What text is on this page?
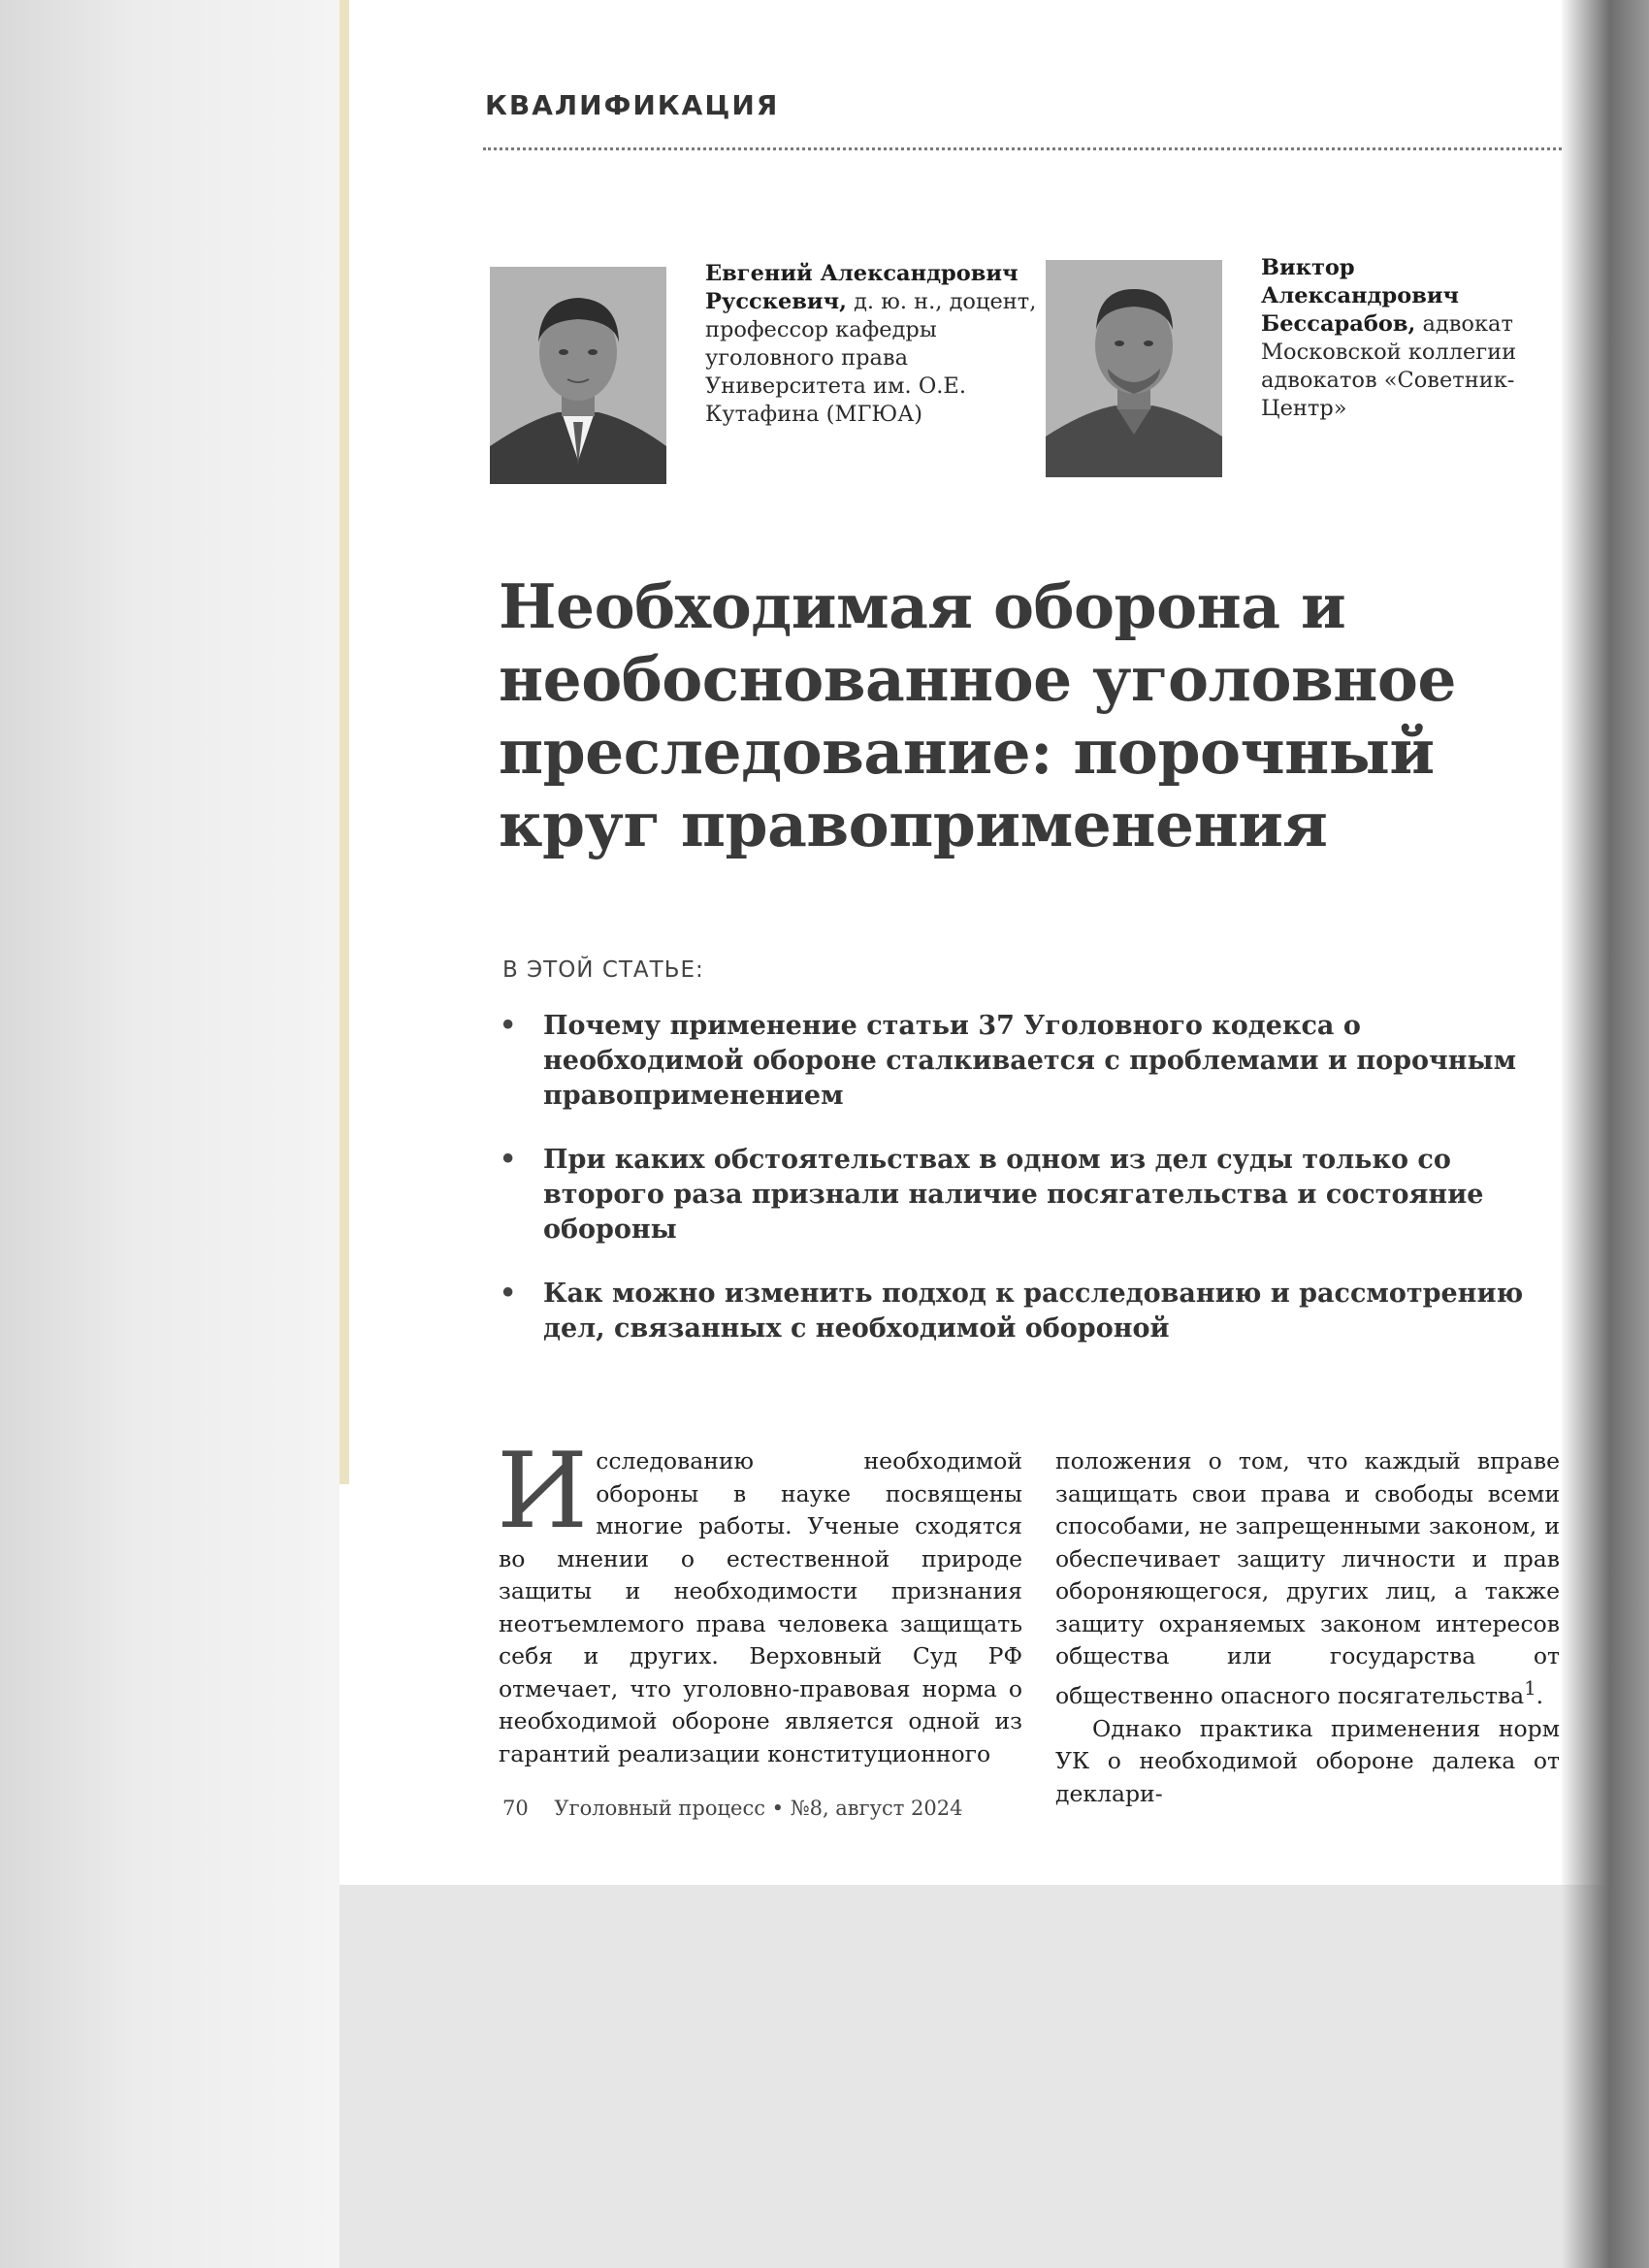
КВАЛИФИКАЦИЯ
Евгений Александрович Русскевич, д. ю. н., доцент, профессор кафедры уголовного права Университета им. О.Е. Кутафина (МГЮА)
Виктор Александрович Бессарабов, адвокат Московской коллегии адвокатов «Советник-Центр»
Необходимая оборона и необоснованное уголовное преследование: порочный круг правоприменения
В ЭТОЙ СТАТЬЕ:
• Почему применение статьи 37 Уголовного кодекса о необходимой обороне сталкивается с проблемами и порочным правоприменением
• При каких обстоятельствах в одном из дел суды только со второго раза признали наличие посягательства и состояние обороны
• Как можно изменить подход к расследованию и рассмотрению дел, связанных с необходимой обороной

Исследованию необходимой обороны в науке посвящены многие работы. Ученые сходятся во мнении о естественной природе защиты и необходимости признания неотъемлемого права человека защищать себя и других. Верховный Суд РФ отмечает, что уголовно-правовая норма о необходимой обороне является одной из гарантий реализации конституционного

положения о том, что каждый вправе защищать свои права и свободы всеми способами, не запрещенными законом, и обеспечивает защиту личности и прав обороняющегося, других лиц, а также защиту охраняемых законом интересов общества или государства от общественно опасного посягательства$^1$.
Однако практика применения норм УК о необходимой обороне далека от деклари-
70 Уголовный процесс • №8, август 2024
